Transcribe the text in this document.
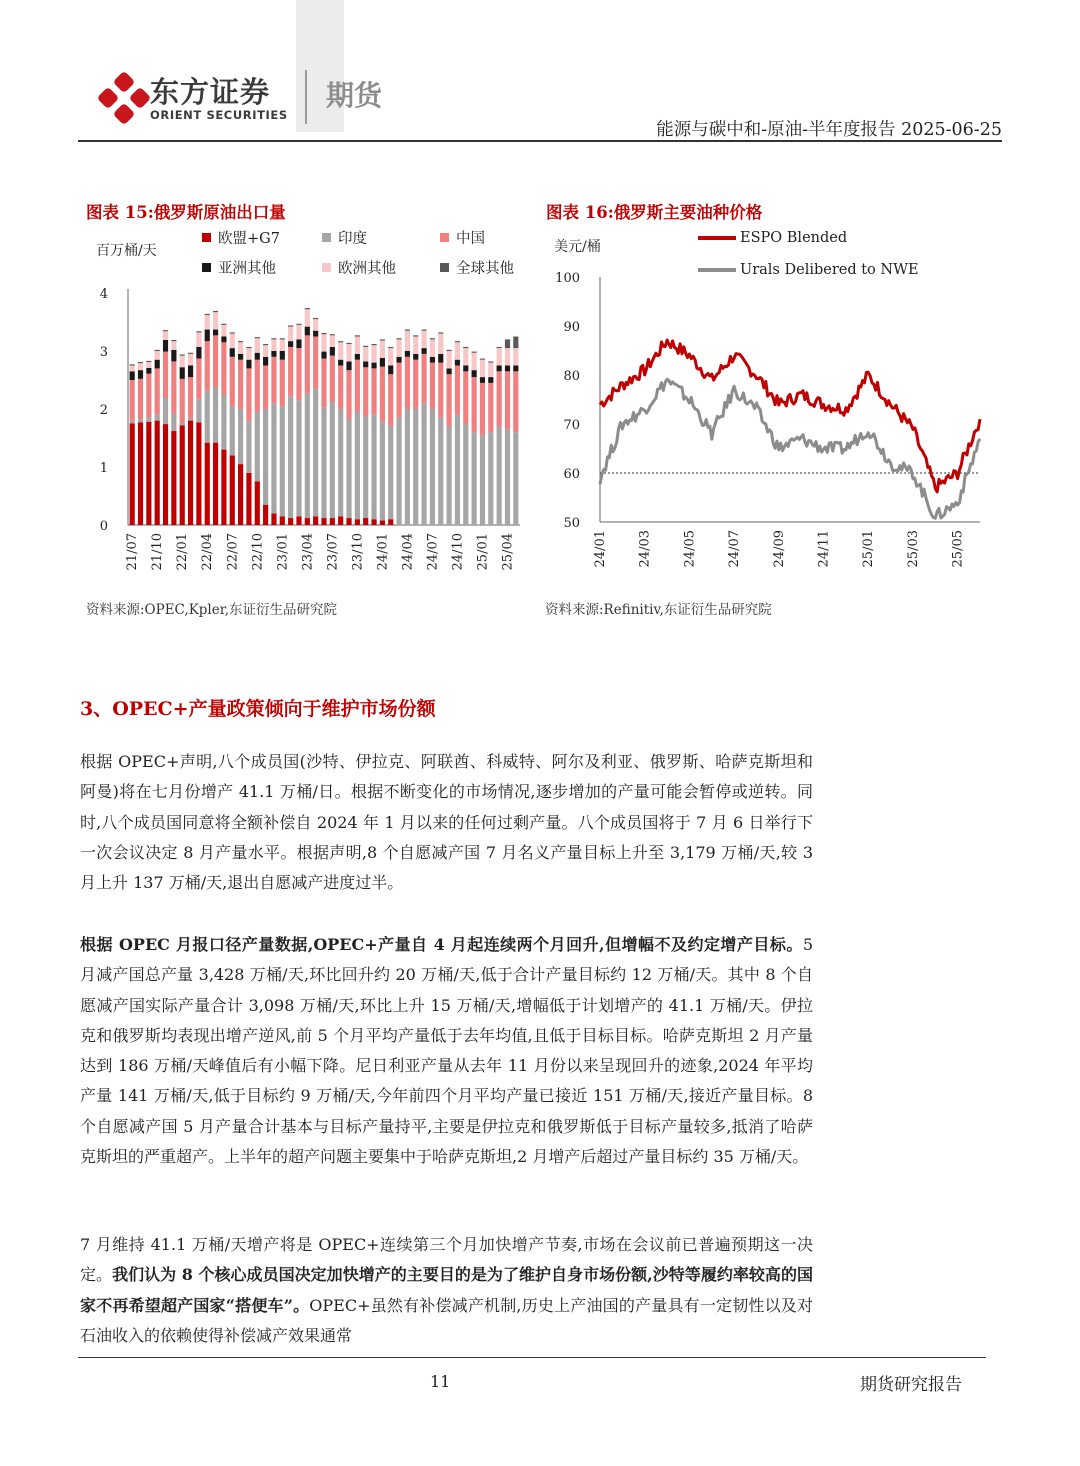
东方证券
ORIENT SECURITIES
期货
能源与碳中和-原油-半年度报告 2025-06-25
图表 15:俄罗斯原油出口量	图表 16:俄罗斯主要油种价格
百万桶/天
欧盟+G7	印度	中国
亚洲其他	欧洲其他	全球其他
0
1
2
3
4
21/07 21/10 22/01 22/04 22/07 22/10 23/01 23/04 23/07 23/10 24/01 24/04 24/07 24/10 25/01 25/04
资料来源:OPEC,Kpler,东证衍生品研究院
美元/桶
ESPO Blended
Urals Delibered to NWE
50
60
70
80
90
100
24/01 24/03 24/05 24/07 24/09 24/11 25/01 25/03 25/05
资料来源:Refinitiv,东证衍生品研究院
3、OPEC+产量政策倾向于维护市场份额
根据 OPEC+声明,八个成员国(沙特、伊拉克、阿联酋、科威特、阿尔及利亚、俄罗斯、哈萨克斯坦和阿曼)将在七月份增产 41.1 万桶/日。根据不断变化的市场情况,逐步增加的产量可能会暂停或逆转。同时,八个成员国同意将全额补偿自 2024 年 1 月以来的任何过剩产量。八个成员国将于 7 月 6 日举行下一次会议决定 8 月产量水平。根据声明,8 个自愿减产国 7 月名义产量目标上升至 3,179 万桶/天,较 3 月上升 137 万桶/天,退出自愿减产进度过半。
根据 OPEC 月报口径产量数据,OPEC+产量自 4 月起连续两个月回升,但增幅不及约定增产目标。5 月减产国总产量 3,428 万桶/天,环比回升约 20 万桶/天,低于合计产量目标约 12 万桶/天。其中 8 个自愿减产国实际产量合计 3,098 万桶/天,环比上升 15 万桶/天,增幅低于计划增产的 41.1 万桶/天。伊拉克和俄罗斯均表现出增产逆风,前 5 个月平均产量低于去年均值,且低于目标目标。哈萨克斯坦 2 月产量达到 186 万桶/天峰值后有小幅下降。尼日利亚产量从去年 11 月份以来呈现回升的迹象,2024 年平均产量 141 万桶/天,低于目标约 9 万桶/天,今年前四个月平均产量已接近 151 万桶/天,接近产量目标。8 个自愿减产国 5 月产量合计基本与目标产量持平,主要是伊拉克和俄罗斯低于目标产量较多,抵消了哈萨克斯坦的严重超产。上半年的超产问题主要集中于哈萨克斯坦,2 月增产后超过产量目标约 35 万桶/天。
7 月维持 41.1 万桶/天增产将是 OPEC+连续第三个月加快增产节奏,市场在会议前已普遍预期这一决定。我们认为 8 个核心成员国决定加快增产的主要目的是为了维护自身市场份额,沙特等履约率较高的国家不再希望超产国家“搭便车”。OPEC+虽然有补偿减产机制,历史上产油国的产量具有一定韧性以及对石油收入的依赖使得补偿减产效果通常
11	期货研究报告
